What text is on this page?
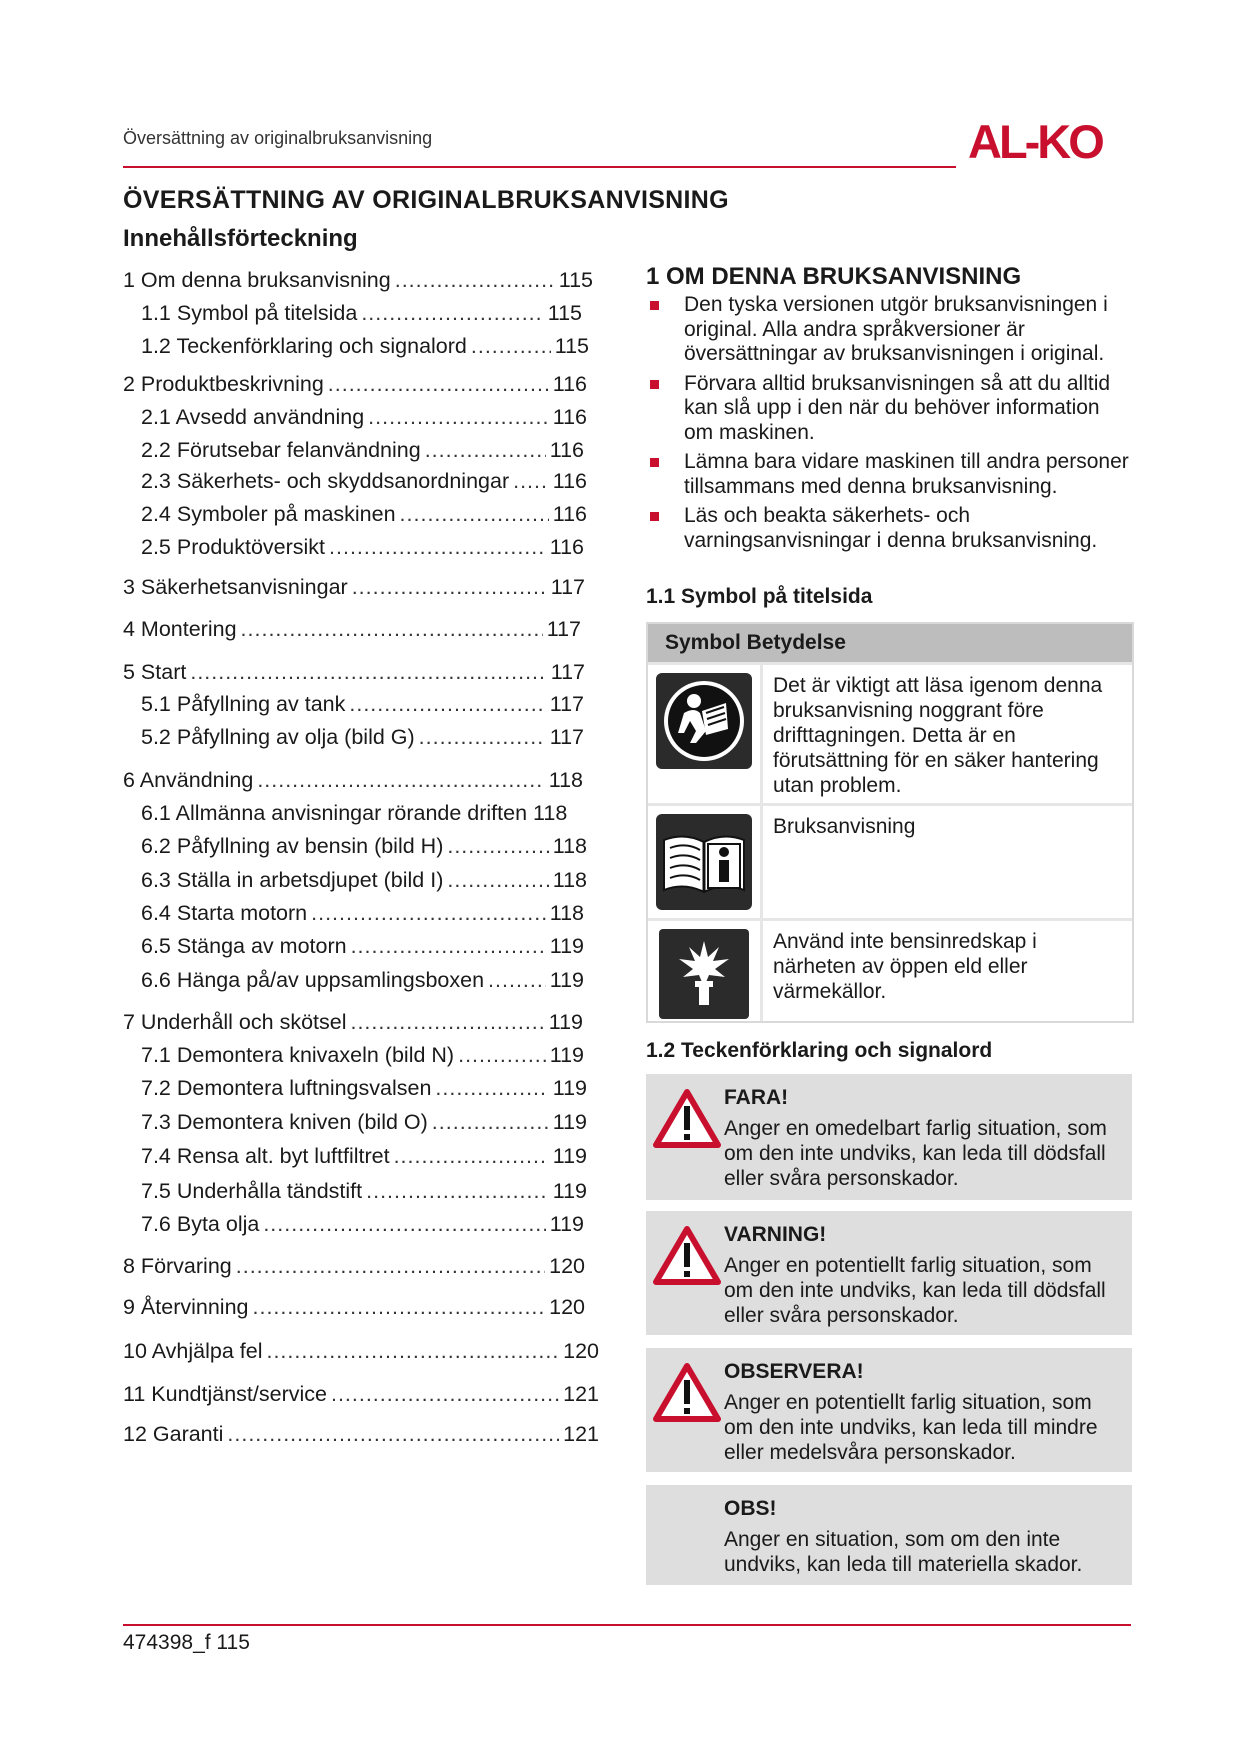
Översättning av originalbruksanvisning	AL-KO
ÖVERSÄTTNING AV ORIGINALBRUKSANVISNING
Innehållsförteckning
1 Om denna bruksanvisning .....	115
1.1 Symbol på titelsida .....	115
1.2 Teckenförklaring och signalord .....	115
2 Produktbeskrivning .....	116
2.1 Avsedd användning .....	116
2.2 Förutsebar felanvändning .....	116
2.3 Säkerhets- och skyddsanordningar ..... 116
2.4 Symboler på maskinen .....	116
2.5 Produktöversikt .....	116
3 Säkerhetsanvisningar .....	117
4 Montering .....	117
5 Start .....	117
5.1 Påfyllning av tank .....	117
5.2 Påfyllning av olja (bild G) .....	117
6 Användning .....	118
6.1 Allmänna anvisningar rörande driften 118
6.2 Påfyllning av bensin (bild H) .....	118
6.3 Ställa in arbetsdjupet (bild I) .....	118
6.4 Starta motorn .....	118
6.5 Stänga av motorn .....	119
6.6 Hänga på/av uppsamlingsboxen .....	119
7 Underhåll och skötsel .....	119
7.1 Demontera knivaxeln (bild N) .....	119
7.2 Demontera luftningsvalsen .....	119
7.3 Demontera kniven (bild O) .....	119
7.4 Rensa alt. byt luftfiltret .....	119
7.5 Underhålla tändstift .....	119
7.6 Byta olja .....	119
8 Förvaring .....	120
9 Återvinning .....	120
10 Avhjälpa fel .....	120
11 Kundtjänst/service .....	121
12 Garanti .....	121
1 OM DENNA BRUKSANVISNING
Den tyska versionen utgör bruksanvisningen i original. Alla andra språkversioner är översättningar av bruksanvisningen i original.
Förvara alltid bruksanvisningen så att du alltid kan slå upp i den när du behöver information om maskinen.
Lämna bara vidare maskinen till andra personer tillsammans med denna bruksanvisning.
Läs och beakta säkerhets- och varningsanvisningar i denna bruksanvisning.
1.1 Symbol på titelsida
Symbol Betydelse
Det är viktigt att läsa igenom denna bruksanvisning noggrant före drifttagningen. Detta är en förutsättning för en säker hantering utan problem.
Bruksanvisning
Använd inte bensinredskap i närheten av öppen eld eller värmekällor.
1.2 Teckenförklaring och signalord
FARA!
Anger en omedelbart farlig situation, som om den inte undviks, kan leda till dödsfall eller svåra personskador.
VARNING!
Anger en potentiellt farlig situation, som om den inte undviks, kan leda till dödsfall eller svåra personskador.
OBSERVERA!
Anger en potentiellt farlig situation, som om den inte undviks, kan leda till mindre eller medelsvåra personskador.
OBS!
Anger en situation, som om den inte undviks, kan leda till materiella skador.
474398_f 115
